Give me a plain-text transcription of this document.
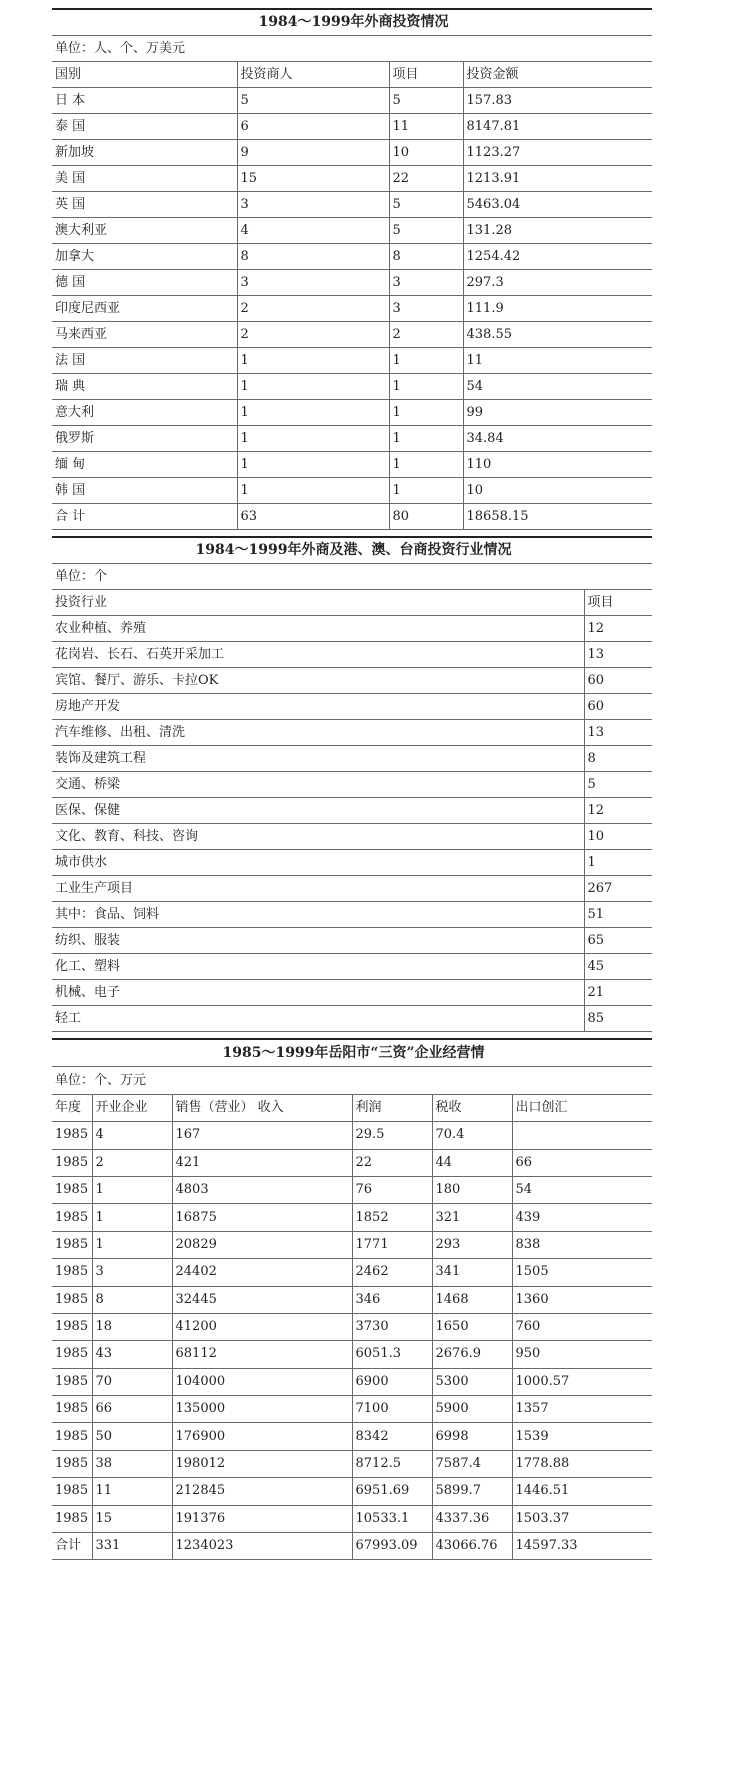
1984～1999年外商投资情况			
单位：人、个、万美元			
国别	投资商人	项目	投资金额
日 本	5	5	157.83
泰 国	6	11	8147.81
新加坡	9	10	1123.27
美 国	15	22	1213.91
英 国	3	5	5463.04
澳大利亚	4	5	131.28
加拿大	8	8	1254.42
德 国	3	3	297.3
印度尼西亚	2	3	111.9
马来西亚	2	2	438.55
法 国	1	1	11
瑞 典	1	1	54
意大利	1	1	99
俄罗斯	1	1	34.84
缅 甸	1	1	110
韩 国	1	1	10
合 计	63	80	18658.15
1984～1999年外商及港、澳、台商投资行业情况	
单位：个	
投资行业	项目
农业种植、养殖	12
花岗岩、长石、石英开采加工	13
宾馆、餐厅、游乐、卡拉OK	60
房地产开发	60
汽车维修、出租、清洗	13
装饰及建筑工程	8
交通、桥梁	5
医保、保健	12
文化、教育、科技、咨询	10
城市供水	1
工业生产项目	267
其中：食品、饲料	51
纺织、服装	65
化工、塑料	45
机械、电子	21
轻工	85
1985～1999年岳阳市“三资”企业经营情					
单位：个、万元					
年度	开业企业	销售（营业） 收入	利润	税收	出口创汇
1985	4	167	29.5	70.4	
1985	2	421	22	44	66
1985	1	4803	76	180	54
1985	1	16875	1852	321	439
1985	1	20829	1771	293	838
1985	3	24402	2462	341	1505
1985	8	32445	346	1468	1360
1985	18	41200	3730	1650	760
1985	43	68112	6051.3	2676.9	950
1985	70	104000	6900	5300	1000.57
1985	66	135000	7100	5900	1357
1985	50	176900	8342	6998	1539
1985	38	198012	8712.5	7587.4	1778.88
1985	11	212845	6951.69	5899.7	1446.51
1985	15	191376	10533.1	4337.36	1503.37
合计	331	1234023	67993.09	43066.76	14597.33
